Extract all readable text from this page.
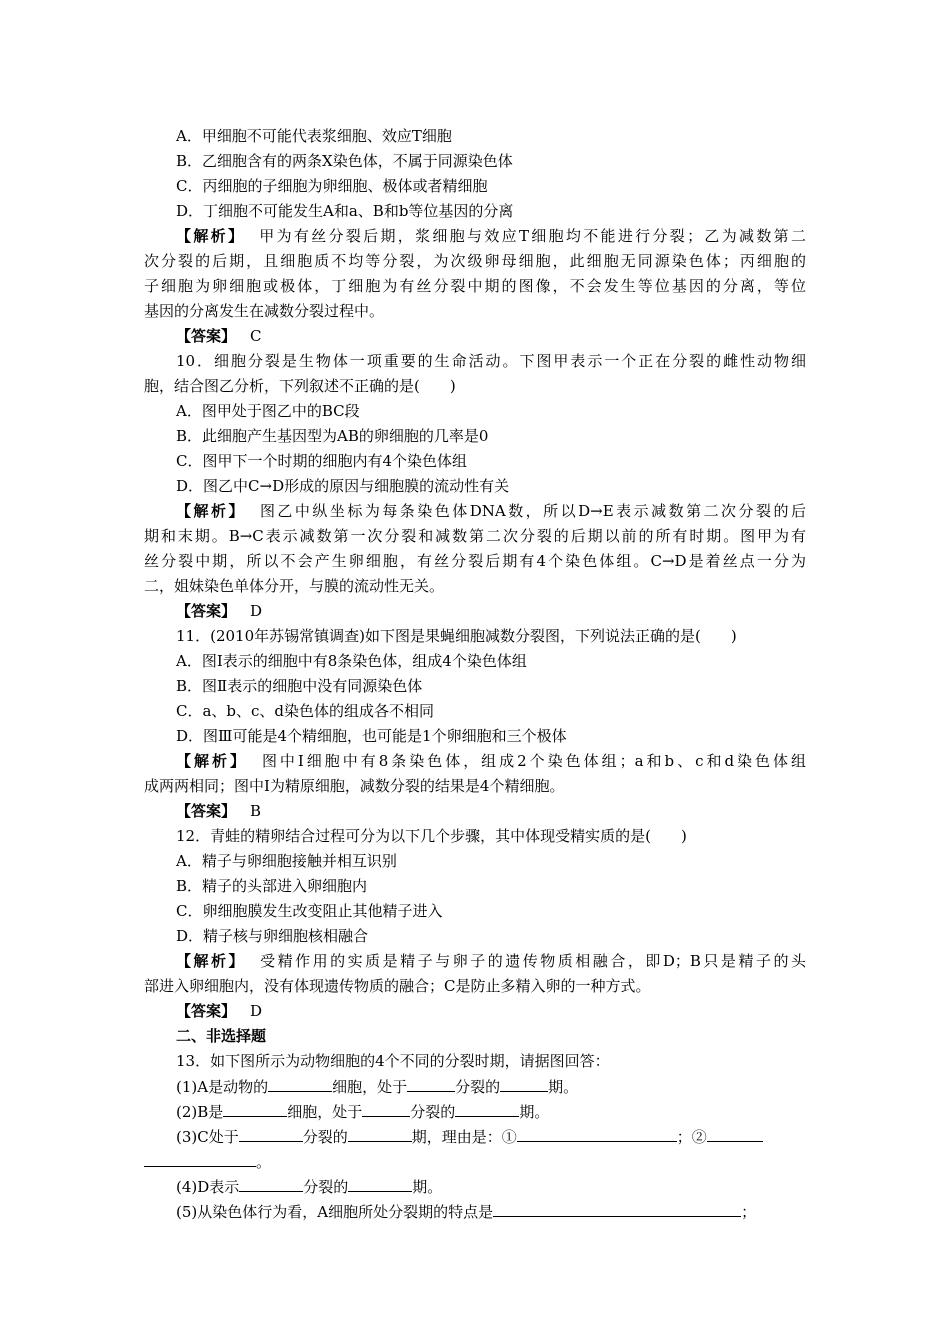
A．甲细胞不可能代表浆细胞、效应T细胞
B．乙细胞含有的两条X染色体，不属于同源染色体
C．丙细胞的子细胞为卵细胞、极体或者精细胞
D．丁细胞不可能发生A和a、B和b等位基因的分离
【解析】 甲为有丝分裂后期，浆细胞与效应T细胞均不能进行分裂；乙为减数第二
次分裂的后期，且细胞质不均等分裂，为次级卵母细胞，此细胞无同源染色体；丙细胞的
子细胞为卵细胞或极体，丁细胞为有丝分裂中期的图像，不会发生等位基因的分离，等位
基因的分离发生在减数分裂过程中。
【答案】 C
10．细胞分裂是生物体一项重要的生命活动。下图甲表示一个正在分裂的雌性动物细
胞，结合图乙分析，下列叙述不正确的是(　　)
A．图甲处于图乙中的BC段
B．此细胞产生基因型为AB的卵细胞的几率是0
C．图甲下一个时期的细胞内有4个染色体组
D．图乙中C→D形成的原因与细胞膜的流动性有关
【解析】 图乙中纵坐标为每条染色体DNA数，所以D→E表示减数第二次分裂的后
期和末期。B→C表示减数第一次分裂和减数第二次分裂的后期以前的所有时期。图甲为有
丝分裂中期，所以不会产生卵细胞，有丝分裂后期有4个染色体组。C→D是着丝点一分为
二，姐妹染色单体分开，与膜的流动性无关。
【答案】 D
11．(2010年苏锡常镇调查)如下图是果蝇细胞减数分裂图，下列说法正确的是(　　)
A．图Ⅰ表示的细胞中有8条染色体，组成4个染色体组
B．图Ⅱ表示的细胞中没有同源染色体
C．a、b、c、d染色体的组成各不相同
D．图Ⅲ可能是4个精细胞，也可能是1个卵细胞和三个极体
【解析】 图中Ⅰ细胞中有8条染色体，组成2个染色体组；a和b、c和d染色体组
成两两相同；图中Ⅰ为精原细胞，减数分裂的结果是4个精细胞。
【答案】 B
12．青蛙的精卵结合过程可分为以下几个步骤，其中体现受精实质的是(　　)
A．精子与卵细胞接触并相互识别
B．精子的头部进入卵细胞内
C．卵细胞膜发生改变阻止其他精子进入
D．精子核与卵细胞核相融合
【解析】 受精作用的实质是精子与卵子的遗传物质相融合，即D；B只是精子的头
部进入卵细胞内，没有体现遗传物质的融合；C是防止多精入卵的一种方式。
【答案】 D
二、非选择题
13．如下图所示为动物细胞的4个不同的分裂时期，请据图回答：
(1)A是动物的	细胞，处于	分裂的	期。
(2)B是	细胞，处于	分裂的	期。
(3)C处于	分裂的	期，理由是：①	；②
。
(4)D表示	分裂的	期。
(5)从染色体行为看，A细胞所处分裂期的特点是	；
